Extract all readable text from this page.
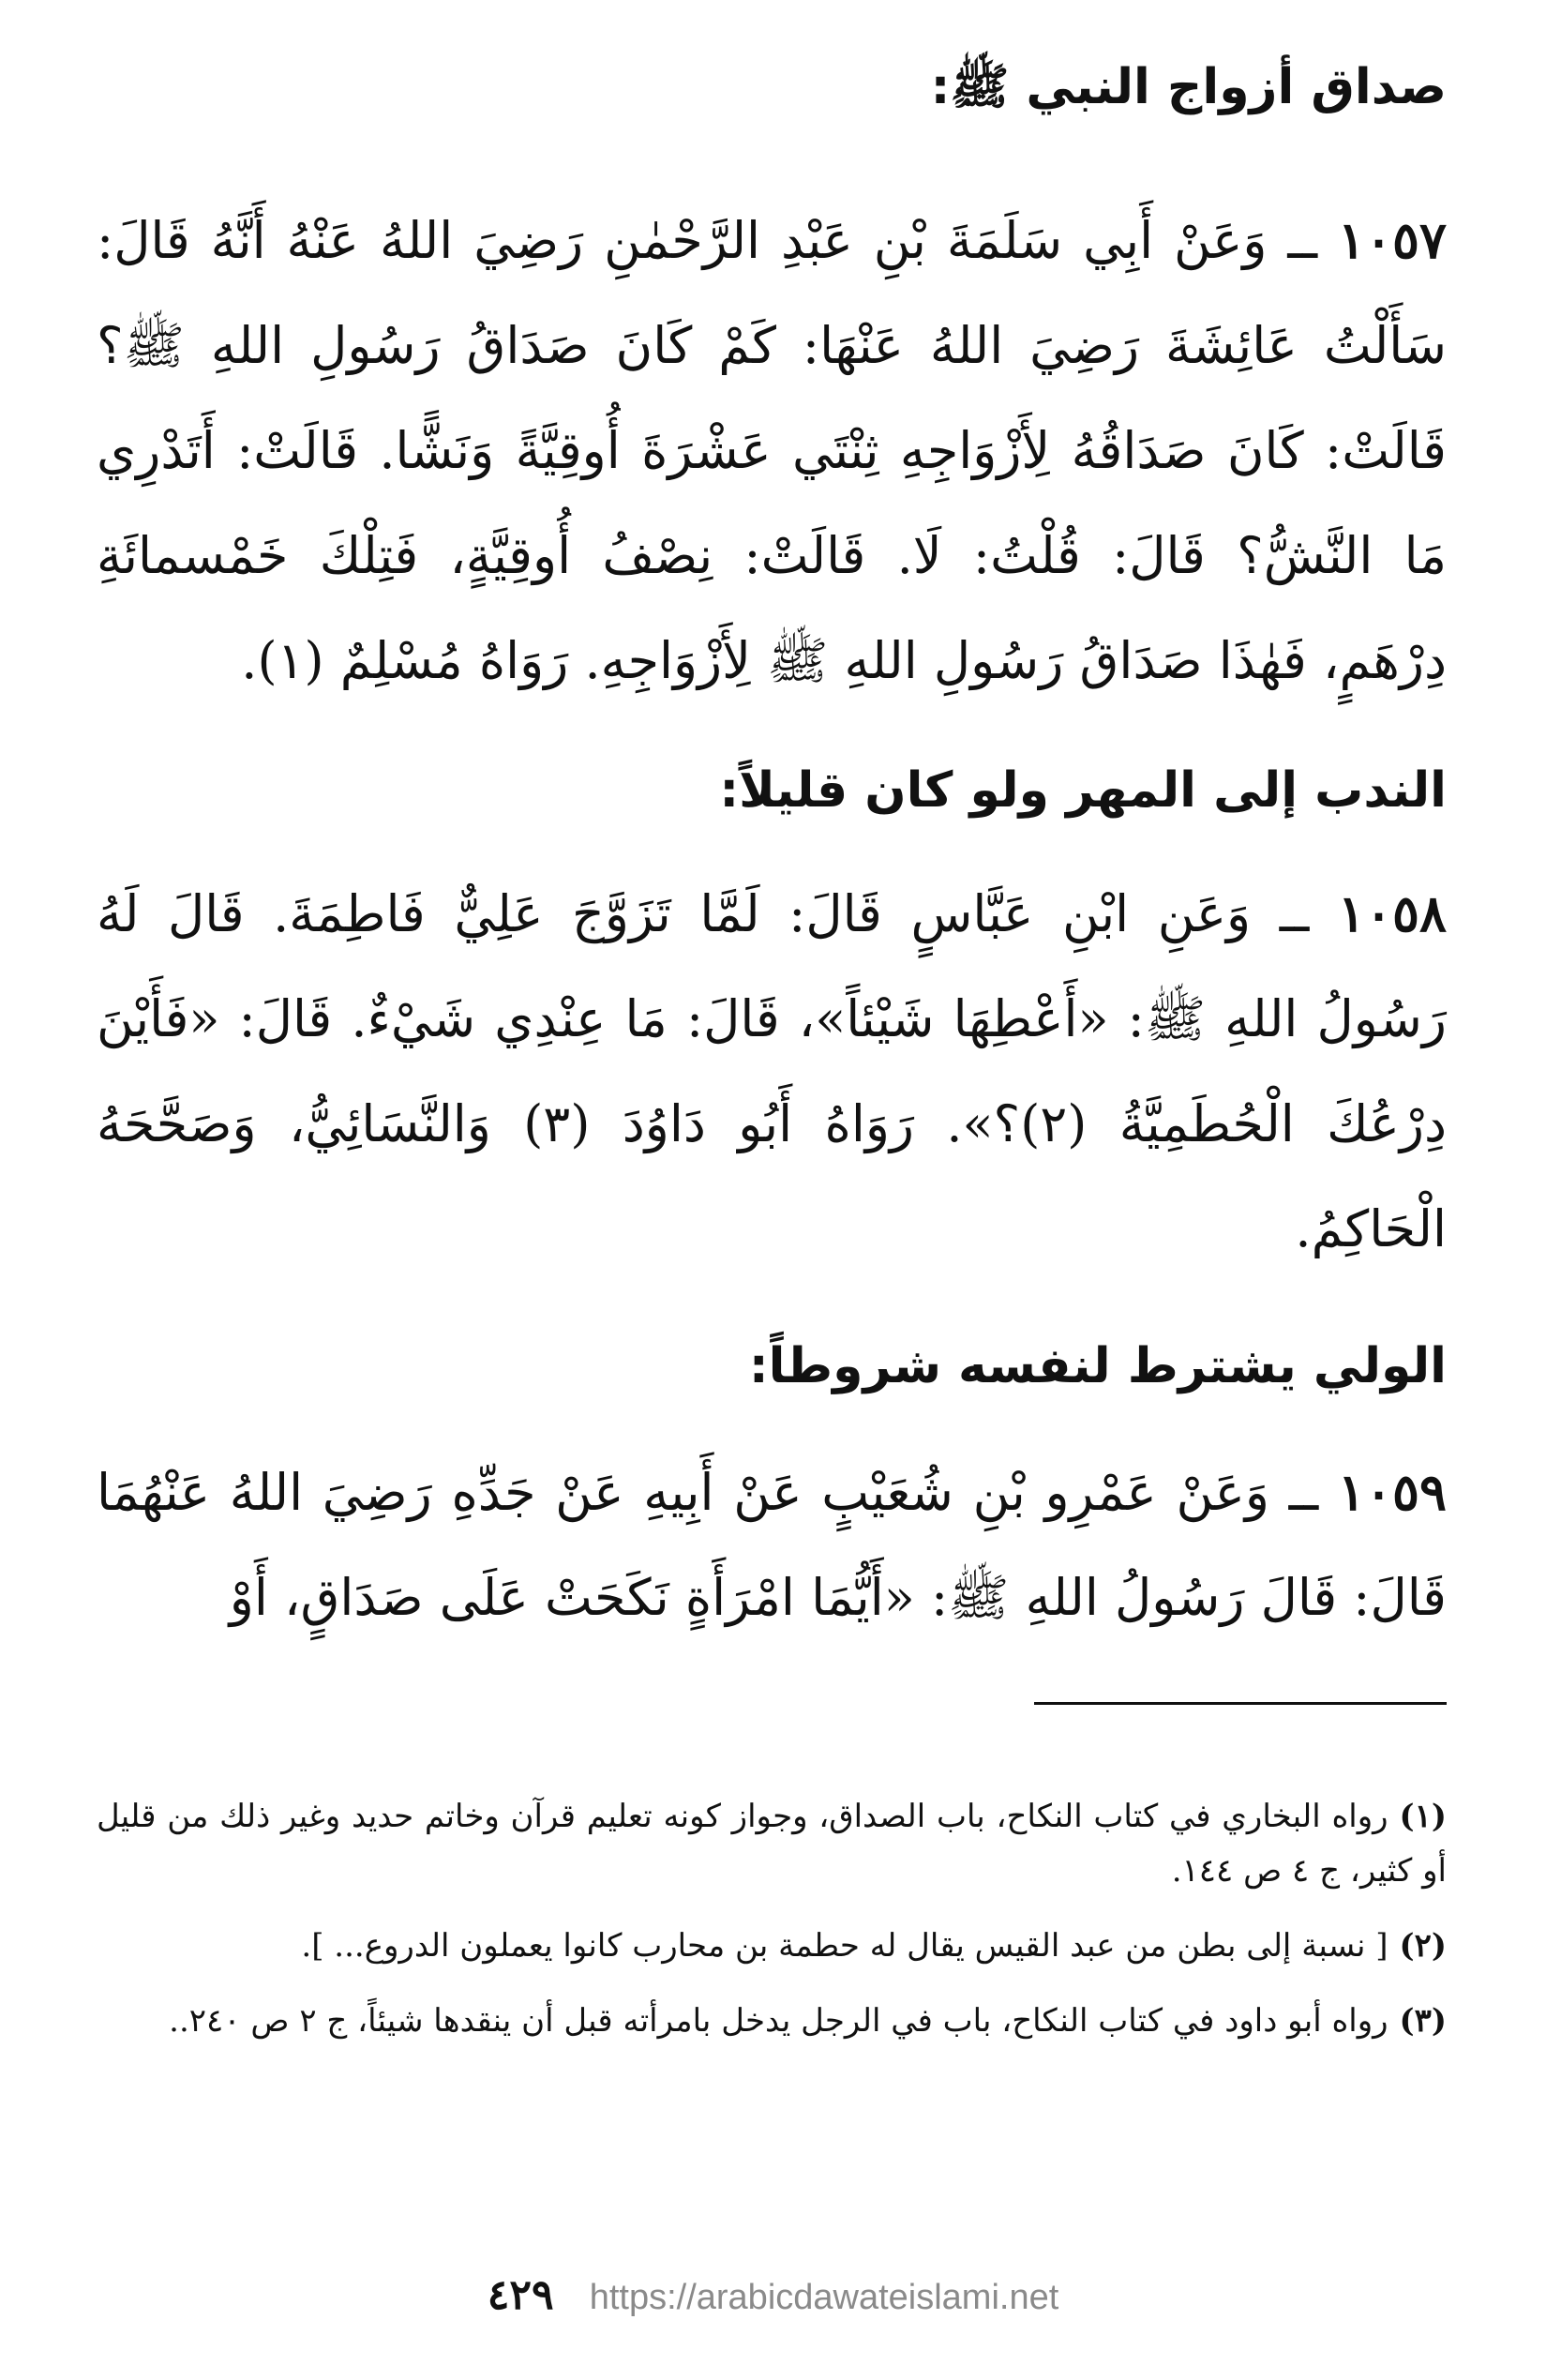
صداق أزواج النبي ﷺ:

١٠٥٧ ــ وَعَنْ أَبِي سَلَمَةَ بْنِ عَبْدِ الرَّحْمٰنِ رَضِيَ اللهُ عَنْهُ أَنَّهُ قَالَ: سَأَلْتُ عَائِشَةَ رَضِيَ اللهُ عَنْهَا: كَمْ كَانَ صَدَاقُ رَسُولِ اللهِ ﷺ؟ قَالَتْ: كَانَ صَدَاقُهُ لِأَزْوَاجِهِ ثِنْتَي عَشْرَةَ أُوقِيَّةً وَنَشًّا. قَالَتْ: أَتَدْرِي مَا النَّشُّ؟ قَالَ: قُلْتُ: لَا. قَالَتْ: نِصْفُ أُوقِيَّةٍ، فَتِلْكَ خَمْسمائَةِ دِرْهَمٍ، فَهٰذَا صَدَاقُ رَسُولِ اللهِ ﷺ لِأَزْوَاجِهِ. رَوَاهُ مُسْلِمٌ (١).

الندب إلى المهر ولو كان قليلاً:

١٠٥٨ ــ وَعَنِ ابْنِ عَبَّاسٍ قَالَ: لَمَّا تَزَوَّجَ عَلِيٌّ فَاطِمَةَ. قَالَ لَهُ رَسُولُ اللهِ ﷺ: «أَعْطِهَا شَيْئاً»، قَالَ: مَا عِنْدِي شَيْءٌ. قَالَ: «فَأَيْنَ دِرْعُكَ الْحُطَمِيَّةُ (٢)؟». رَوَاهُ أَبُو دَاوُدَ (٣) وَالنَّسَائِيُّ، وَصَحَّحَهُ الْحَاكِمُ.

الولي يشترط لنفسه شروطاً:

١٠٥٩ ــ وَعَنْ عَمْرِو بْنِ شُعَيْبٍ عَنْ أَبِيهِ عَنْ جَدِّهِ رَضِيَ اللهُ عَنْهُمَا قَالَ: قَالَ رَسُولُ اللهِ ﷺ: «أَيُّمَا امْرَأَةٍ نَكَحَتْ عَلَى صَدَاقٍ، أَوْ

(١)رواه البخاري في كتاب النكاح، باب الصداق، وجواز كونه تعليم قرآن وخاتم حديد وغير ذلك من قليل أو كثير، ج ٤ ص ١٤٤.
(٢)[ نسبة إلى بطن من عبد القيس يقال له حطمة بن محارب كانوا يعملون الدروع... ].
(٣)رواه أبو داود في كتاب النكاح، باب في الرجل يدخل بامرأته قبل أن ينقدها شيئاً، ج ٢ ص ٢٤٠..
٤٢٩ https://arabicdawateislami.net
